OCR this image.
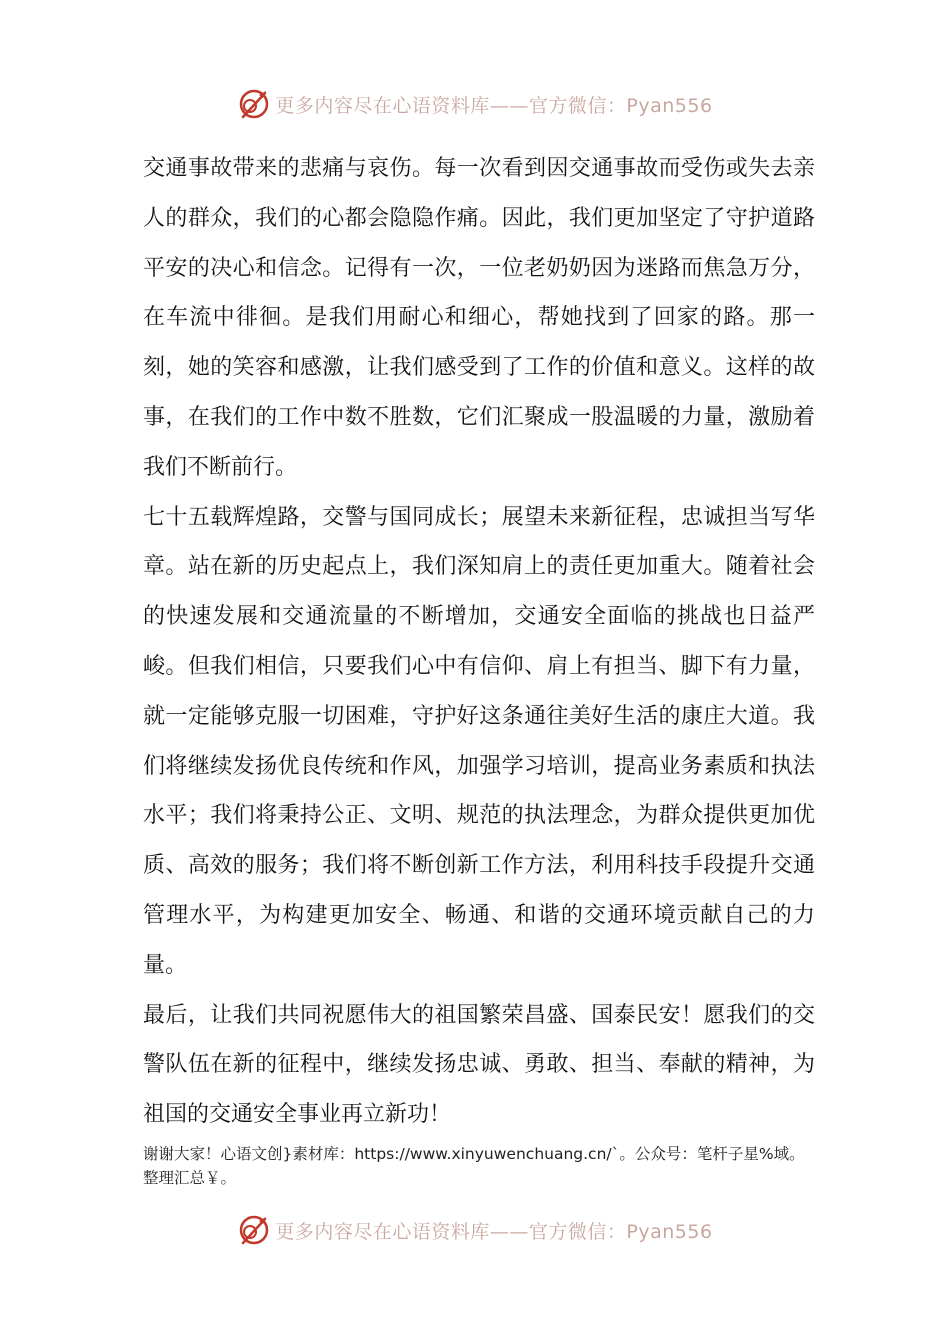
更多内容尽在心语资料库——官方微信：Pyan556

交通事故带来的悲痛与哀伤。每一次看到因交通事故而受伤或失去亲人的群众，我们的心都会隐隐作痛。因此，我们更加坚定了守护道路平安的决心和信念。记得有一次，一位老奶奶因为迷路而焦急万分，在车流中徘徊。是我们用耐心和细心，帮她找到了回家的路。那一刻，她的笑容和感激，让我们感受到了工作的价值和意义。这样的故事，在我们的工作中数不胜数，它们汇聚成一股温暖的力量，激励着我们不断前行。

七十五载辉煌路，交警与国同成长；展望未来新征程，忠诚担当写华章。站在新的历史起点上，我们深知肩上的责任更加重大。随着社会的快速发展和交通流量的不断增加，交通安全面临的挑战也日益严峻。但我们相信，只要我们心中有信仰、肩上有担当、脚下有力量，就一定能够克服一切困难，守护好这条通往美好生活的康庄大道。我们将继续发扬优良传统和作风，加强学习培训，提高业务素质和执法水平；我们将秉持公正、文明、规范的执法理念，为群众提供更加优质、高效的服务；我们将不断创新工作方法，利用科技手段提升交通管理水平，为构建更加安全、畅通、和谐的交通环境贡献自己的力量。

最后，让我们共同祝愿伟大的祖国繁荣昌盛、国泰民安！愿我们的交警队伍在新的征程中，继续发扬忠诚、勇敢、担当、奉献的精神，为祖国的交通安全事业再立新功！

谢谢大家！心语文创}素材库：https://www.xinyuwenchuang.cn/`。公众号：笔杆子星%域。整理汇总￥。
更多内容尽在心语资料库——官方微信：Pyan556
